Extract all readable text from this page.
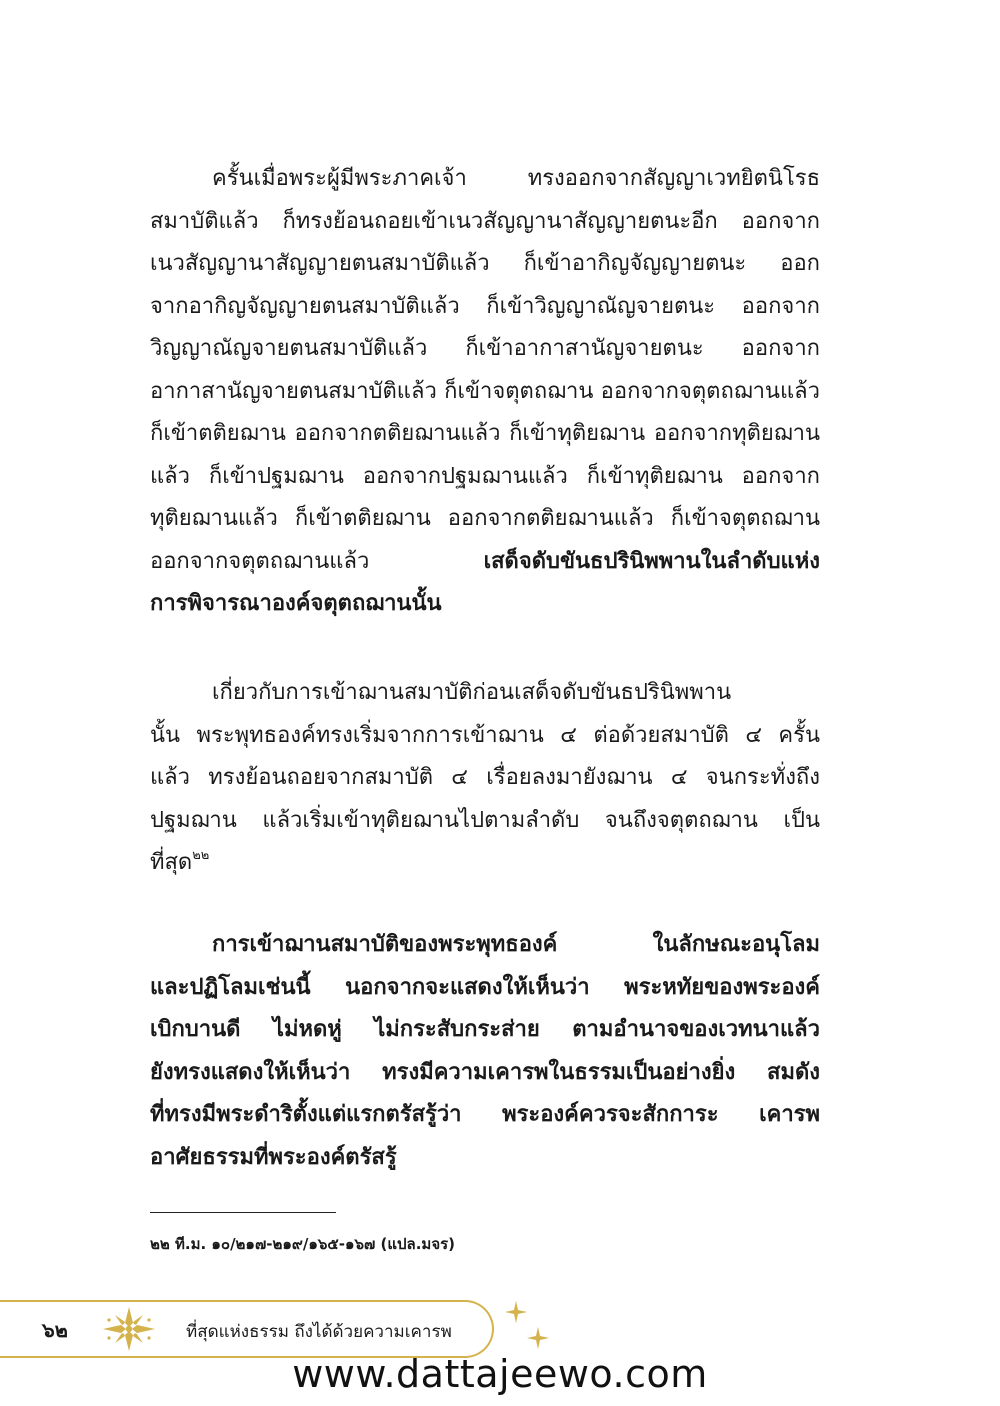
ครั้นเมื่อพระผู้มีพระภาคเจ้า ทรงออกจากสัญญาเวทยิตนิโรธ
สมาบัติแล้ว ก็ทรงย้อนถอยเข้าเนวสัญญานาสัญญายตนะอีก ออกจาก
เนวสัญญานาสัญญายตนสมาบัติแล้ว ก็เข้าอากิญจัญญายตนะ ออก
จากอากิญจัญญายตนสมาบัติแล้ว ก็เข้าวิญญาณัญจายตนะ ออกจาก
วิญญาณัญจายตนสมาบัติแล้ว ก็เข้าอากาสานัญจายตนะ ออกจาก
อากาสานัญจายตนสมาบัติแล้ว ก็เข้าจตุตถฌาน ออกจากจตุตถฌานแล้ว
ก็เข้าตติยฌาน ออกจากตติยฌานแล้ว ก็เข้าทุติยฌาน ออกจากทุติยฌาน
แล้ว ก็เข้าปฐมฌาน ออกจากปฐมฌานแล้ว ก็เข้าทุติยฌาน ออกจาก
ทุติยฌานแล้ว ก็เข้าตติยฌาน ออกจากตติยฌานแล้ว ก็เข้าจตุตถฌาน
ออกจากจตุตถฌานแล้ว เสด็จดับขันธปรินิพพานในลำดับแห่ง
การพิจารณาองค์จตุตถฌานนั้น
เกี่ยวกับการเข้าฌานสมาบัติก่อนเสด็จดับขันธปรินิพพาน
นั้น พระพุทธองค์ทรงเริ่มจากการเข้าฌาน ๔ ต่อด้วยสมาบัติ ๔ ครั้น
แล้ว ทรงย้อนถอยจากสมาบัติ ๔ เรื่อยลงมายังฌาน ๔ จนกระทั่งถึง
ปฐมฌาน แล้วเริ่มเข้าทุติยฌานไปตามลำดับ จนถึงจตุตถฌาน เป็น
ที่สุด$^{๒๒}$
การเข้าฌานสมาบัติของพระพุทธองค์ ในลักษณะอนุโลม
และปฏิโลมเช่นนี้ นอกจากจะแสดงให้เห็นว่า พระหทัยของพระองค์
เบิกบานดี ไม่หดหู่ ไม่กระสับกระส่าย ตามอำนาจของเวทนาแล้ว
ยังทรงแสดงให้เห็นว่า ทรงมีความเคารพในธรรมเป็นอย่างยิ่ง สมดัง
ที่ทรงมีพระดำริตั้งแต่แรกตรัสรู้ว่า พระองค์ควรจะสักการะ เคารพ
อาศัยธรรมที่พระองค์ตรัสรู้
๒๒ ที.ม. ๑๐/๒๑๗-๒๑๙/๑๖๕-๑๖๗ (แปล.มจร)
๖๒	ที่สุดแห่งธรรม ถึงได้ด้วยความเคารพ
www.dattajeewo.com
